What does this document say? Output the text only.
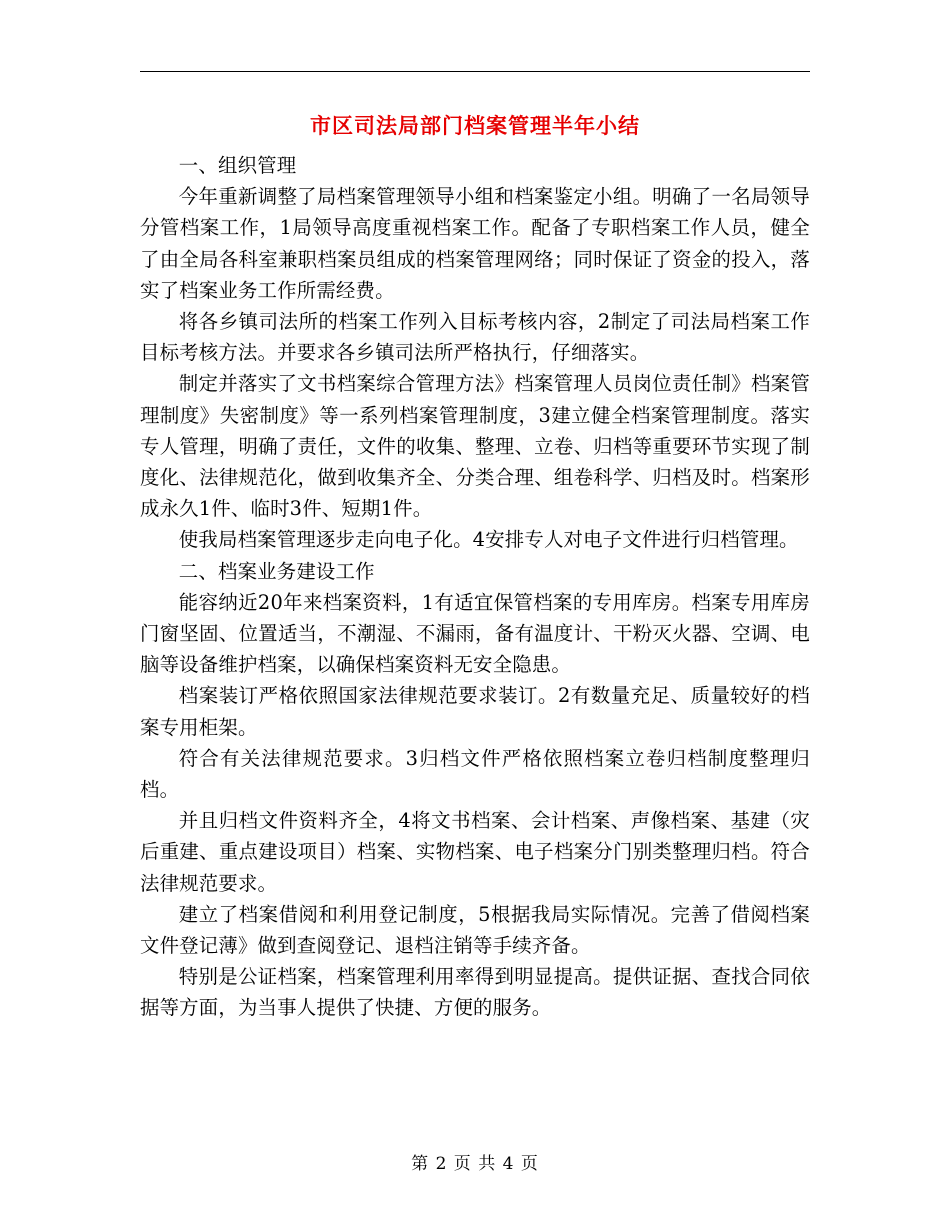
市区司法局部门档案管理半年小结

一、组织管理

今年重新调整了局档案管理领导小组和档案鉴定小组。明确了一名局领导分管档案工作，1局领导高度重视档案工作。配备了专职档案工作人员，健全了由全局各科室兼职档案员组成的档案管理网络；同时保证了资金的投入，落实了档案业务工作所需经费。

将各乡镇司法所的档案工作列入目标考核内容，2制定了司法局档案工作目标考核方法。并要求各乡镇司法所严格执行，仔细落实。

制定并落实了文书档案综合管理方法》档案管理人员岗位责任制》档案管理制度》失密制度》等一系列档案管理制度，3建立健全档案管理制度。落实专人管理，明确了责任，文件的收集、整理、立卷、归档等重要环节实现了制度化、法律规范化，做到收集齐全、分类合理、组卷科学、归档及时。档案形成永久1件、临时3件、短期1件。

使我局档案管理逐步走向电子化。4安排专人对电子文件进行归档管理。

二、档案业务建设工作

能容纳近20年来档案资料，1有适宜保管档案的专用库房。档案专用库房门窗坚固、位置适当，不潮湿、不漏雨，备有温度计、干粉灭火器、空调、电脑等设备维护档案，以确保档案资料无安全隐患。

档案装订严格依照国家法律规范要求装订。2有数量充足、质量较好的档案专用柜架。

符合有关法律规范要求。3归档文件严格依照档案立卷归档制度整理归档。

并且归档文件资料齐全，4将文书档案、会计档案、声像档案、基建（灾后重建、重点建设项目）档案、实物档案、电子档案分门别类整理归档。符合法律规范要求。

建立了档案借阅和利用登记制度，5根据我局实际情况。完善了借阅档案文件登记薄》做到查阅登记、退档注销等手续齐备。

特别是公证档案，档案管理利用率得到明显提高。提供证据、查找合同依据等方面，为当事人提供了快捷、方便的服务。

第 2 页 共 4 页
